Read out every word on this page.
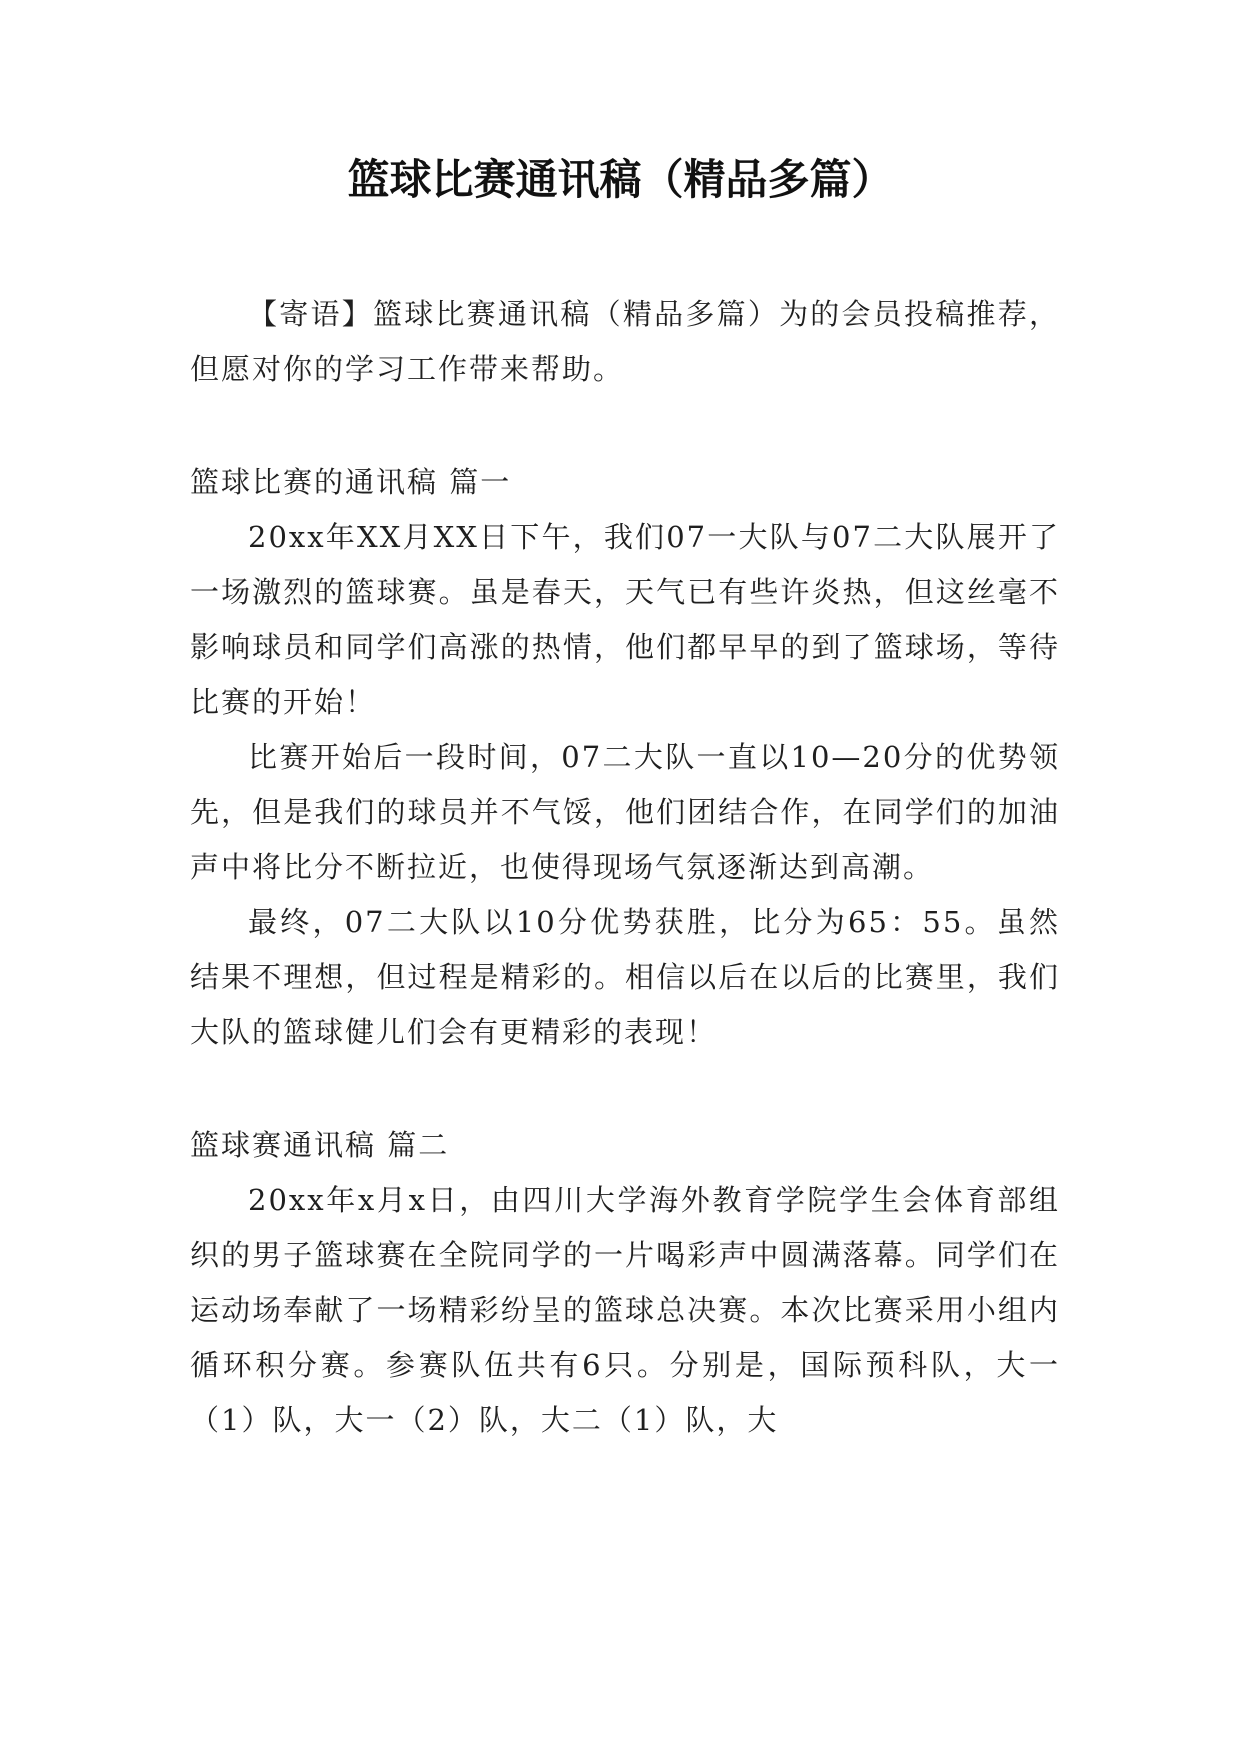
篮球比赛通讯稿（精品多篇）

【寄语】篮球比赛通讯稿（精品多篇）为的会员投稿推荐，但愿对你的学习工作带来帮助。

篮球比赛的通讯稿 篇一

20xx年XX月XX日下午，我们07一大队与07二大队展开了一场激烈的篮球赛。虽是春天，天气已有些许炎热，但这丝毫不影响球员和同学们高涨的热情，他们都早早的到了篮球场，等待比赛的开始！

比赛开始后一段时间，07二大队一直以10—20分的优势领先，但是我们的球员并不气馁，他们团结合作，在同学们的加油声中将比分不断拉近，也使得现场气氛逐渐达到高潮。

最终，07二大队以10分优势获胜，比分为65：55。虽然结果不理想，但过程是精彩的。相信以后在以后的比赛里，我们大队的篮球健儿们会有更精彩的表现！

篮球赛通讯稿 篇二

20xx年x月x日，由四川大学海外教育学院学生会体育部组织的男子篮球赛在全院同学的一片喝彩声中圆满落幕。同学们在运动场奉献了一场精彩纷呈的篮球总决赛。本次比赛采用小组内循环积分赛。参赛队伍共有6只。分别是，国际预科队，大一（1）队，大一（2）队，大二（1）队，大
